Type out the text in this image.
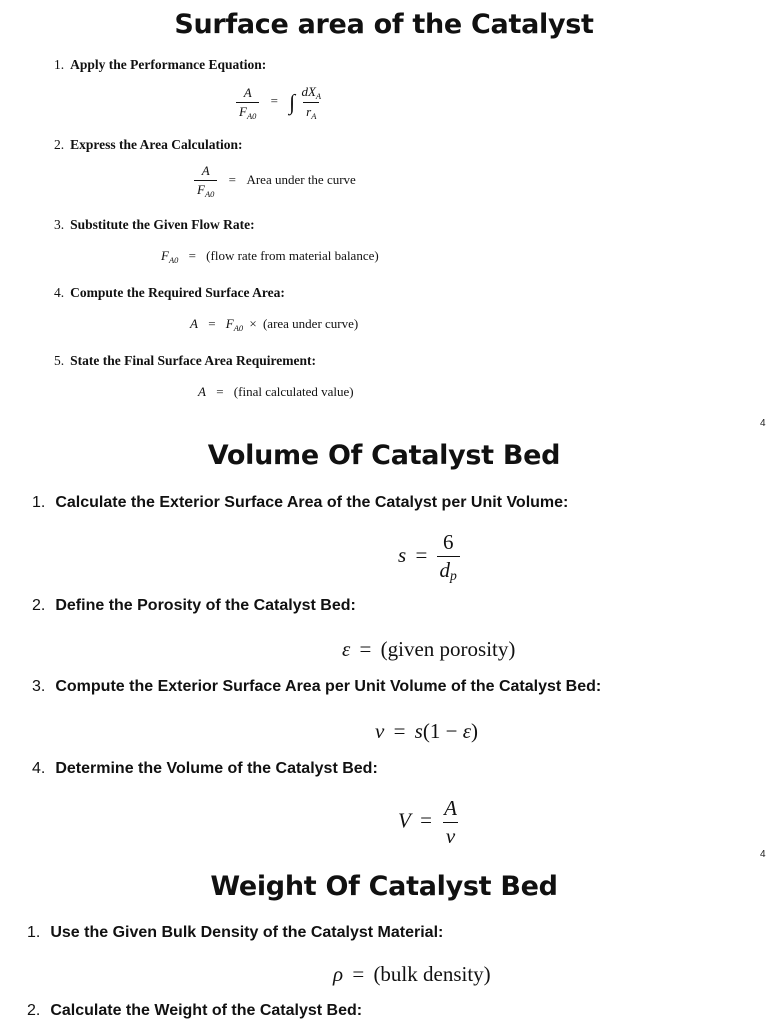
Surface area of the Catalyst
1. Apply the Performance Equation:
$\frac{A}{F_{A0}}$ = ∫ $\frac{dX_A}{r_A}$
2. Express the Area Calculation:
$\frac{A}{F_{A0}}$ = Area under the curve
3. Substitute the Given Flow Rate:
$F_{A0}$ = (flow rate from material balance)
4. Compute the Required Surface Area:
$A = F_{A0}$ × (area under curve)
5. State the Final Surface Area Requirement:
A = (final calculated value)
4
Volume Of Catalyst Bed
1. Calculate the Exterior Surface Area of the Catalyst per Unit Volume:
$s = \frac{6}{d_p}$
2. Define the Porosity of the Catalyst Bed:
ε = (given porosity)
3. Compute the Exterior Surface Area per Unit Volume of the Catalyst Bed:
v = s(1 − ε)
4. Determine the Volume of the Catalyst Bed:
$V = \frac{A}{v}$
4
Weight Of Catalyst Bed
1. Use the Given Bulk Density of the Catalyst Material:
ρ = (bulk density)
2. Calculate the Weight of the Catalyst Bed:
